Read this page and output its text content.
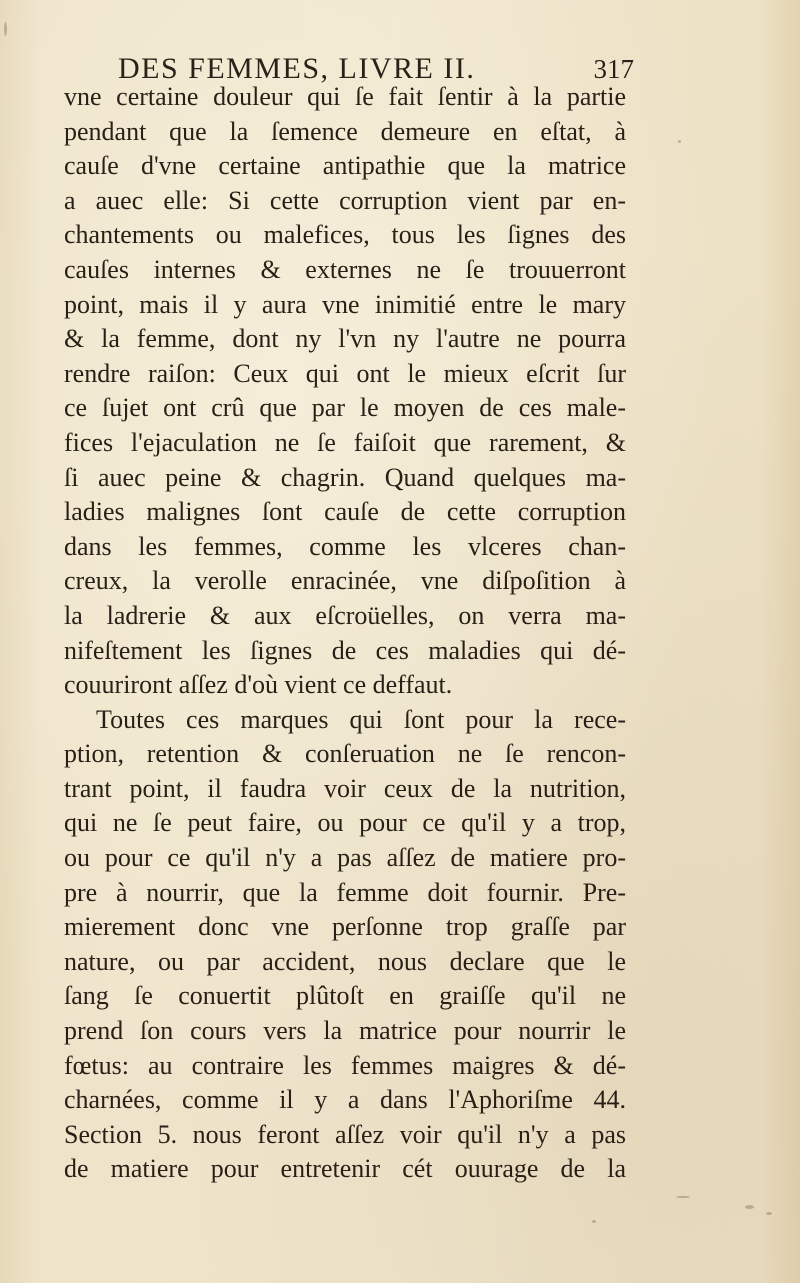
DES FEMMES, LIVRE II.	317
vne certaine douleur qui ſe fait ſentir à la partie
pendant que la ſemence demeure en eſtat, à
cauſe d'vne certaine antipathie que la matrice
a auec elle: Si cette corruption vient par en-
chantements ou malefices, tous les ſignes des
cauſes internes & externes ne ſe trouuerront
point, mais il y aura vne inimitié entre le mary
& la femme, dont ny l'vn ny l'autre ne pourra
rendre raiſon: Ceux qui ont le mieux eſcrit ſur
ce ſujet ont crû que par le moyen de ces male-
fices l'ejaculation ne ſe faiſoit que rarement, &
ſi auec peine & chagrin. Quand quelques ma-
ladies malignes ſont cauſe de cette corruption
dans les femmes, comme les vlceres chan-
creux, la verolle enracinée, vne diſpoſition à
la ladrerie & aux eſcroüelles, on verra ma-
nifeſtement les ſignes de ces maladies qui dé-
couuriront aſſez d'où vient ce deffaut.
Toutes ces marques qui ſont pour la rece-
ption, retention & conſeruation ne ſe rencon-
trant point, il faudra voir ceux de la nutrition,
qui ne ſe peut faire, ou pour ce qu'il y a trop,
ou pour ce qu'il n'y a pas aſſez de matiere pro-
pre à nourrir, que la femme doit fournir. Pre-
mierement donc vne perſonne trop graſſe par
nature, ou par accident, nous declare que le
ſang ſe conuertit plûtoſt en graiſſe qu'il ne
prend ſon cours vers la matrice pour nourrir le
fœtus: au contraire les femmes maigres & dé-
charnées, comme il y a dans l'Aphoriſme 44.
Section 5. nous feront aſſez voir qu'il n'y a pas
de matiere pour entretenir cét ouurage de la
